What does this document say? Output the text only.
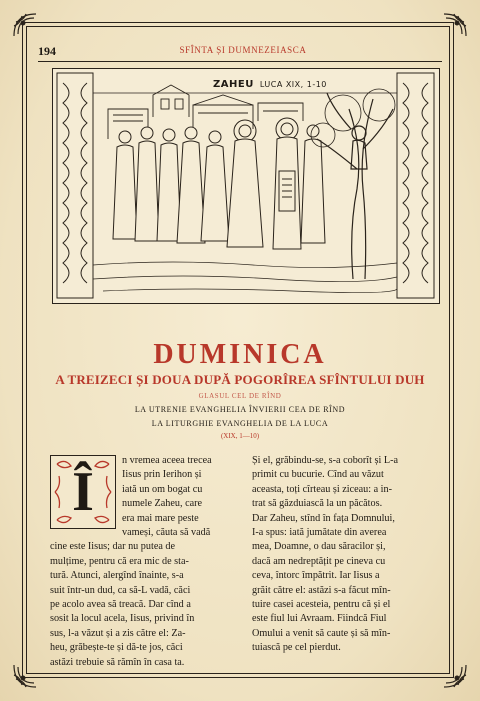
194	SFÎNTA ȘI DUMNEZEIASCA
ZAHEU LUCA XIX, 1-10
DUMINICA
A TREIZECI ȘI DOUA DUPĂ POGORÎREA SFÎNTULUI DUH
GLASUL CEL DE RÎND
LA UTRENIE EVANGHELIA ÎNVIERII CEA DE RÎND
LA LITURGHIE EVANGHELIA DE LA LUCA
(XIX, 1—10)
Î
n vremea aceea trecea
Iisus prin Ierihon și
iată un om bogat cu
numele Zaheu, care
era mai mare peste
vameși, căuta să vadă
cine este Iisus; dar nu putea de
mulțime, pentru că era mic de sta-
tură. Atunci, alergînd înainte, s-a
suit într-un dud, ca să-L vadă, căci
pe acolo avea să treacă. Dar cînd a
sosit la locul acela, Iisus, privind în
sus, l-a văzut și a zis către el: Za-
heu, grăbește-te și dă-te jos, căci
astăzi trebuie să rămîn în casa ta.
Și el, grăbindu-se, s-a coborît și L-a
primit cu bucurie. Cînd au văzut
aceasta, toți cîrteau și ziceau: a in-
trat să găzduiască la un păcătos.
Dar Zaheu, stînd în fața Domnului,
I-a spus: iată jumătate din averea
mea, Doamne, o dau săracilor și,
dacă am nedreptățit pe cineva cu
ceva, întorc împătrit. Iar Iisus a
grăit către el: astăzi s-a făcut mîn-
tuire casei acesteia, pentru că și el
este fiul lui Avraam. Fiindcă Fiul
Omului a venit să caute și să mîn-
tuiască pe cel pierdut.
